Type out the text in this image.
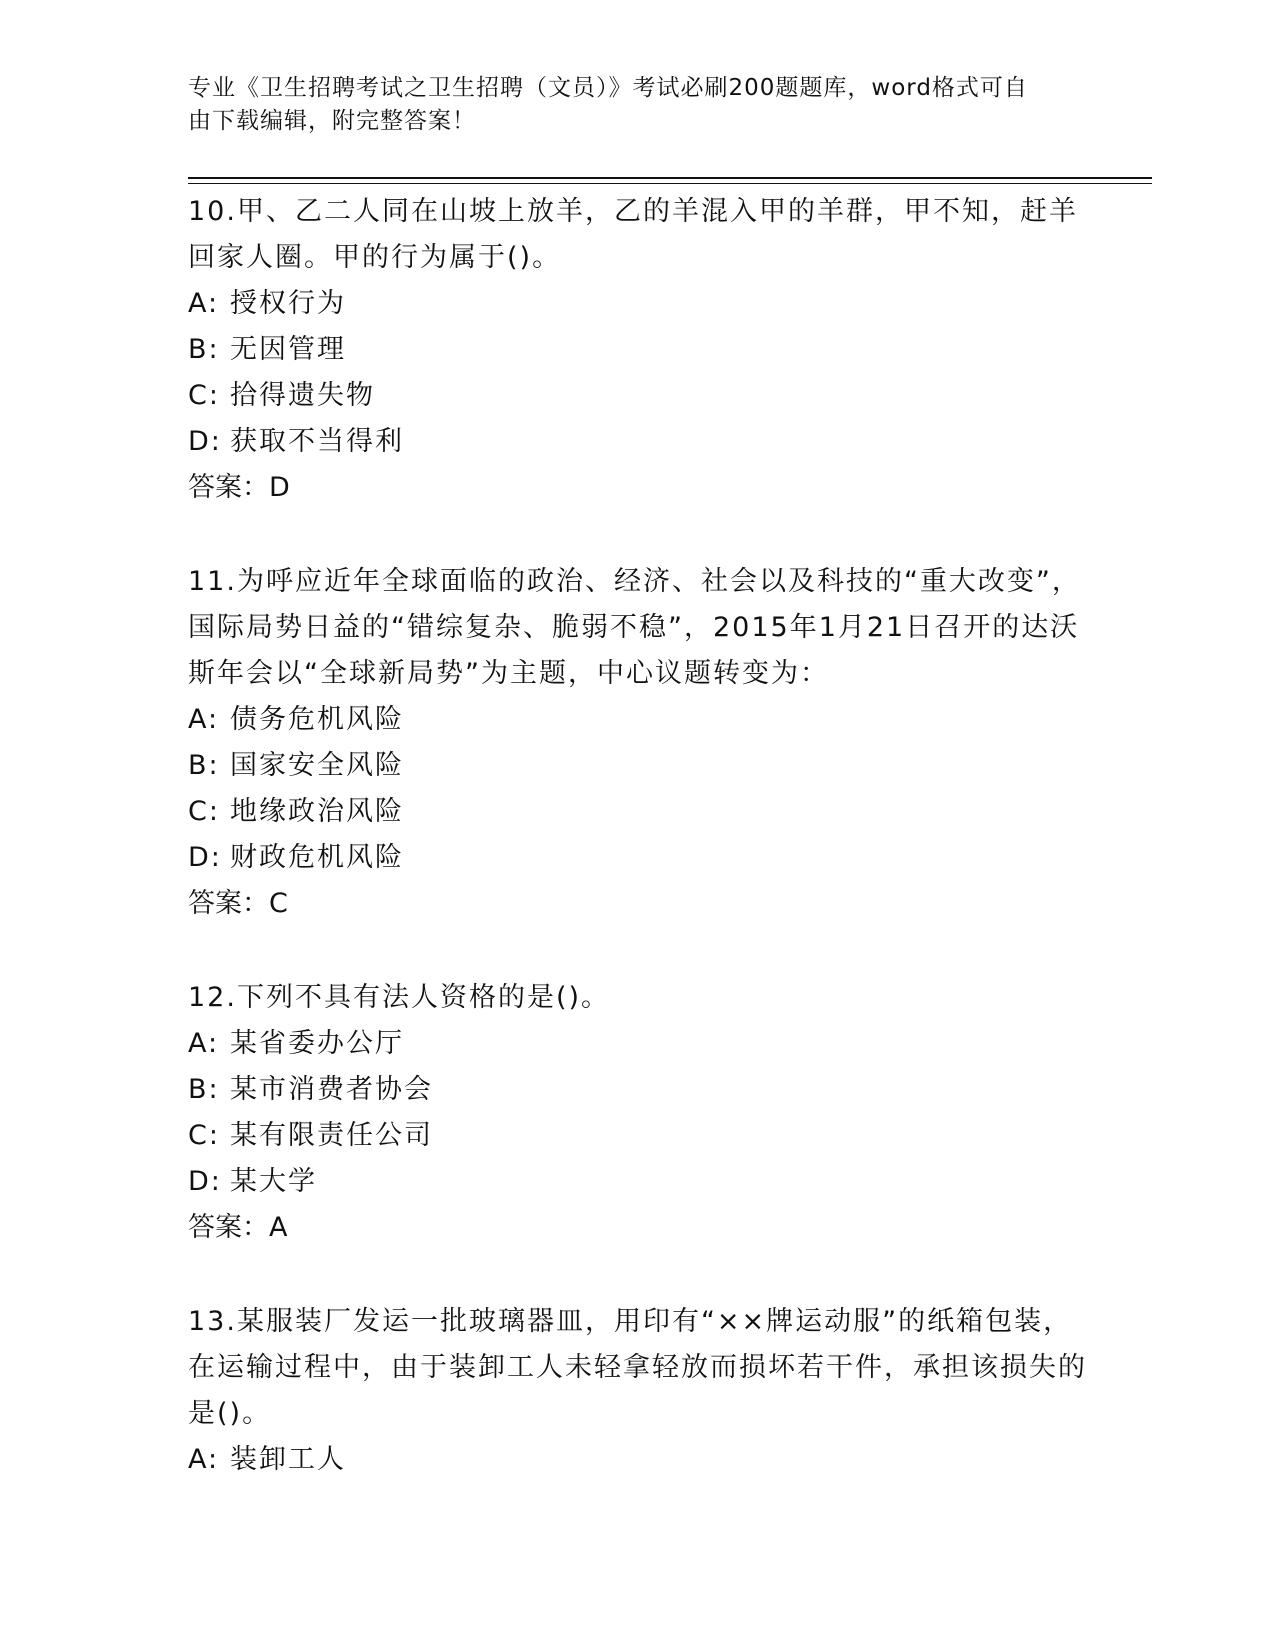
专业《卫生招聘考试之卫生招聘（文员）》考试必刷200题题库，word格式可自
由下载编辑，附完整答案！
10.甲、乙二人同在山坡上放羊，乙的羊混入甲的羊群，甲不知，赶羊回家人圈。甲的行为属于()。
A: 授权行为
B: 无因管理
C: 拾得遗失物
D: 获取不当得利
答案：D
11.为呼应近年全球面临的政治、经济、社会以及科技的“重大改变”，国际局势日益的“错综复杂、脆弱不稳”，2015年1月21日召开的达沃斯年会以“全球新局势”为主题，中心议题转变为：
A: 债务危机风险
B: 国家安全风险
C: 地缘政治风险
D: 财政危机风险
答案：C
12.下列不具有法人资格的是()。
A: 某省委办公厅
B: 某市消费者协会
C: 某有限责任公司
D: 某大学
答案：A
13.某服装厂发运一批玻璃器皿，用印有“××牌运动服”的纸箱包装，在运输过程中，由于装卸工人未轻拿轻放而损坏若干件，承担该损失的是()。
A: 装卸工人
